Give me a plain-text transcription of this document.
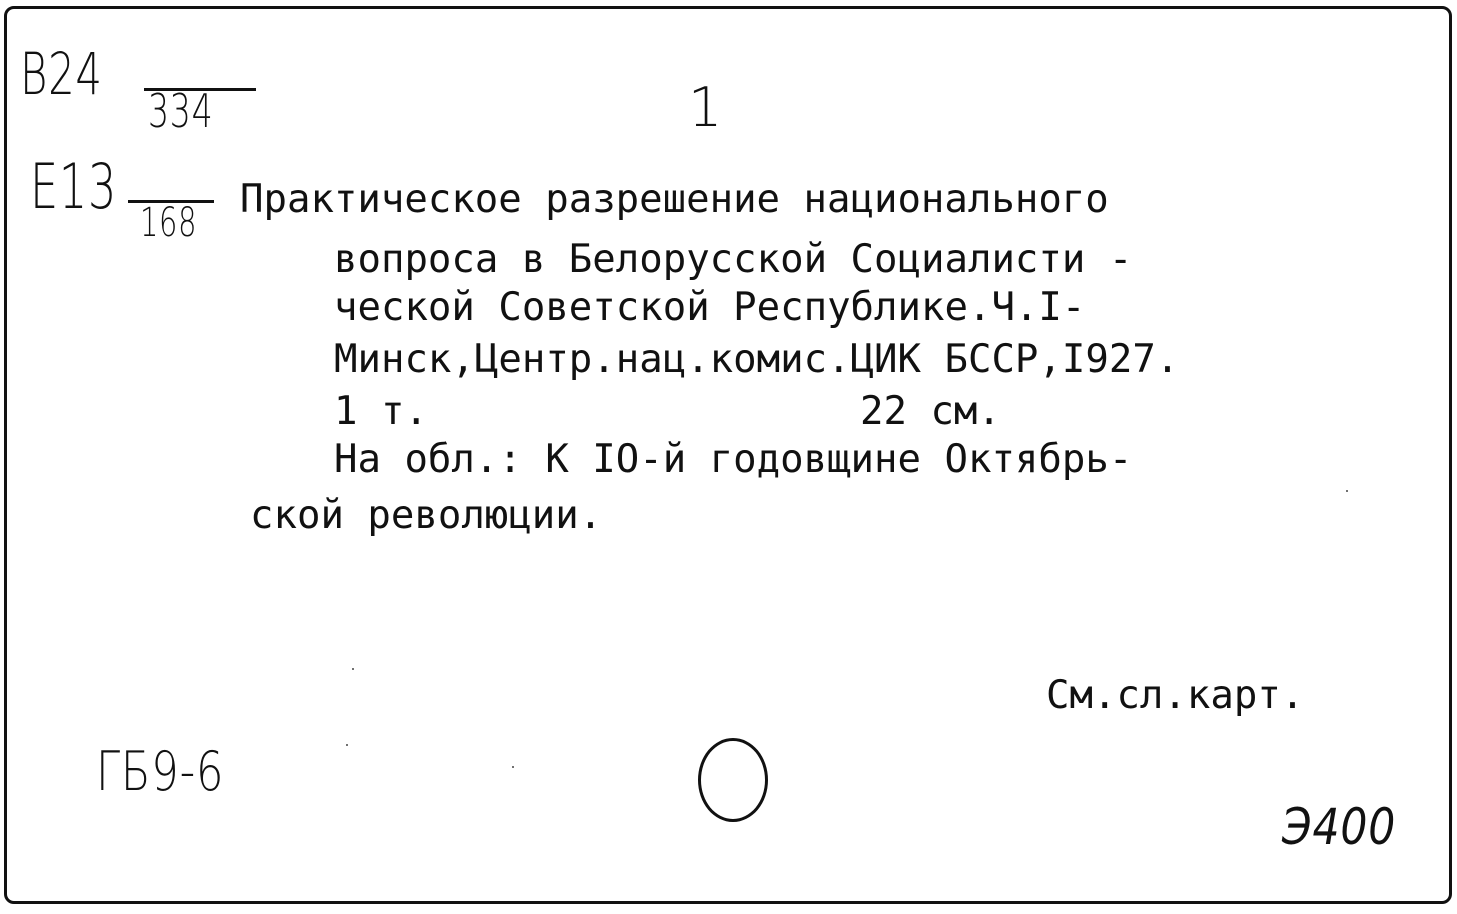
В24
334
Е13 168
1
Практическое разрешение национального
вопроса в Белорусской Социалисти -
ческой Советской Республике.Ч.I-
Минск,Центр.нац.комис.ЦИК БССР,I927.
1 т.	22 см.
На обл.: К IО-й годовщине Октябрь-
ской революции.
См.сл.карт.
ГБ9-6
Э400
